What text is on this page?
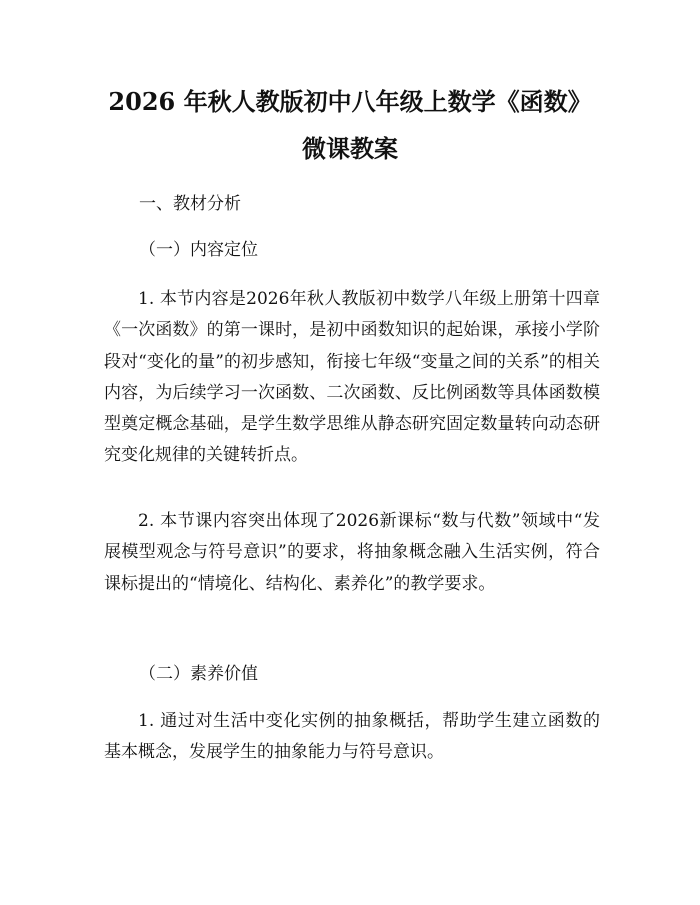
2026 年秋人教版初中八年级上数学《函数》
微课教案
一、教材分析
（一）内容定位

1. 本节内容是2026年秋人教版初中数学八年级上册第十四章《一次函数》的第一课时，是初中函数知识的起始课，承接小学阶段对“变化的量”的初步感知，衔接七年级“变量之间的关系”的相关内容，为后续学习一次函数、二次函数、反比例函数等具体函数模型奠定概念基础，是学生数学思维从静态研究固定数量转向动态研究变化规律的关键转折点。

2. 本节课内容突出体现了2026新课标“数与代数”领域中“发展模型观念与符号意识”的要求，将抽象概念融入生活实例，符合课标提出的“情境化、结构化、素养化”的教学要求。

（二）素养价值

1. 通过对生活中变化实例的抽象概括，帮助学生建立函数的基本概念，发展学生的抽象能力与符号意识。
